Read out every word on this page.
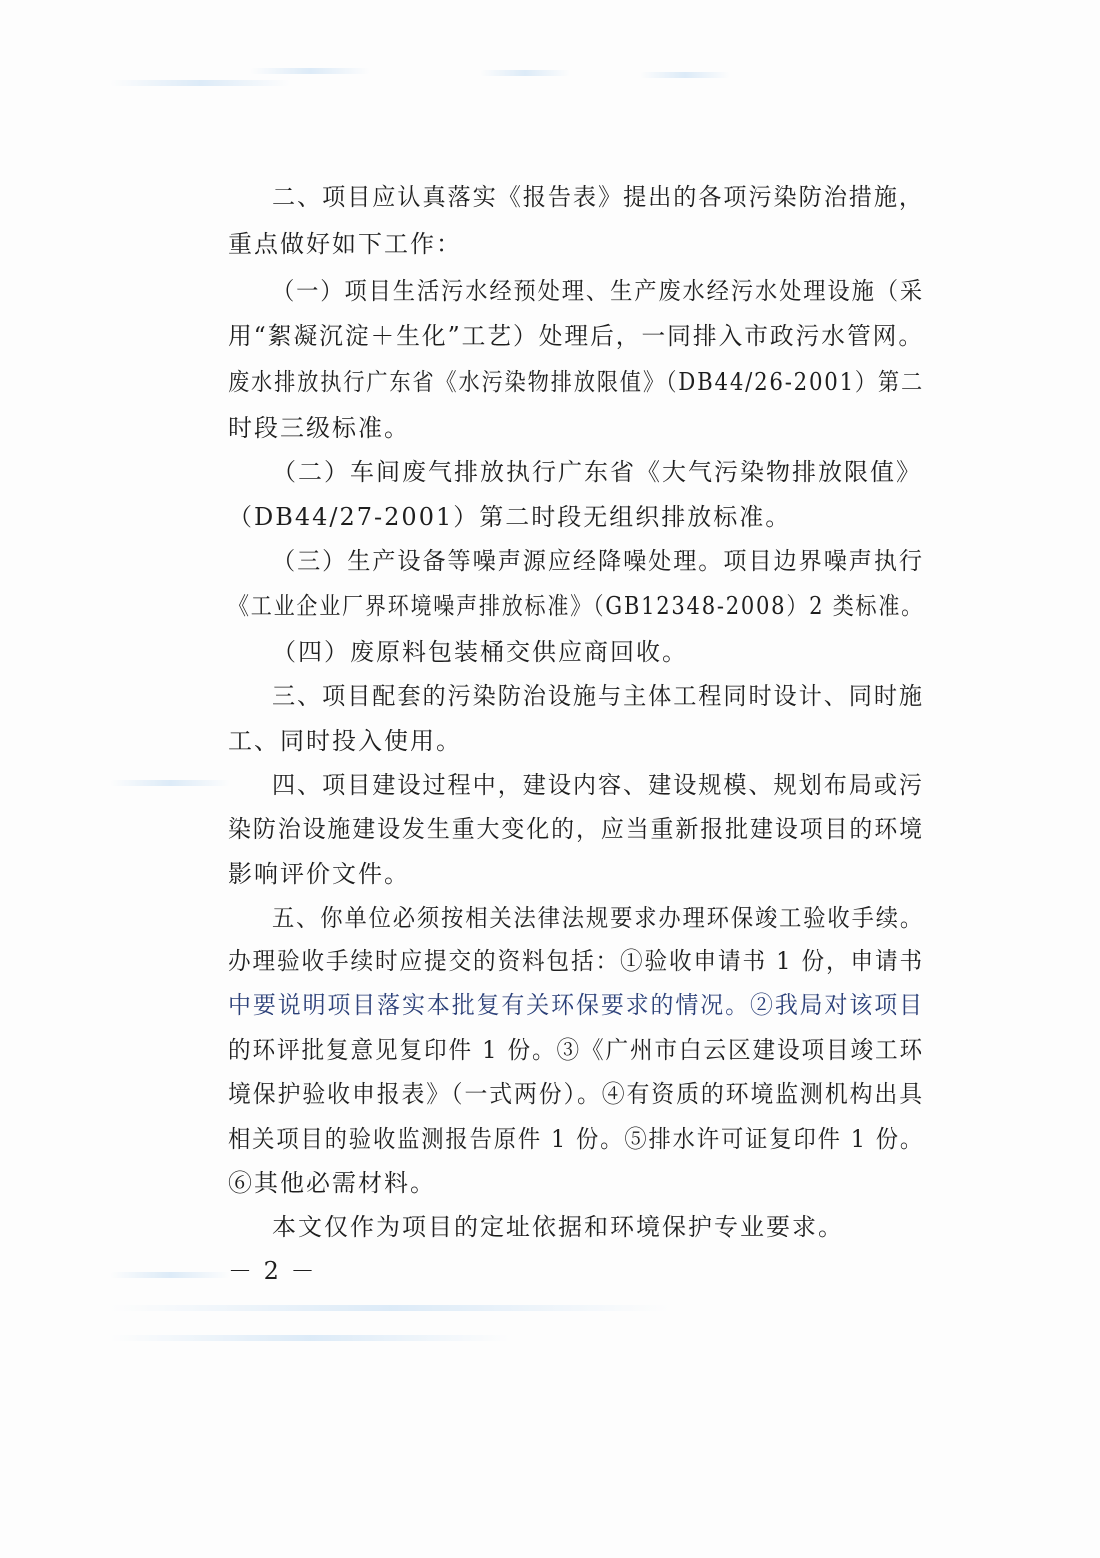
二、项目应认真落实《报告表》提出的各项污染防治措施，
重点做好如下工作：
（一）项目生活污水经预处理、生产废水经污水处理设施（采
用“絮凝沉淀＋生化”工艺）处理后，一同排入市政污水管网。
废水排放执行广东省《水污染物排放限值》（DB44/26-2001）第二
时段三级标准。
（二）车间废气排放执行广东省《大气污染物排放限值》
（DB44/27-2001）第二时段无组织排放标准。
（三）生产设备等噪声源应经降噪处理。项目边界噪声执行
《工业企业厂界环境噪声排放标准》（GB12348-2008）2 类标准。
（四）废原料包装桶交供应商回收。
三、项目配套的污染防治设施与主体工程同时设计、同时施
工、同时投入使用。
四、项目建设过程中，建设内容、建设规模、规划布局或污
染防治设施建设发生重大变化的，应当重新报批建设项目的环境
影响评价文件。
五、你单位必须按相关法律法规要求办理环保竣工验收手续。
办理验收手续时应提交的资料包括：①验收申请书 1 份，申请书
中要说明项目落实本批复有关环保要求的情况。②我局对该项目
的环评批复意见复印件 1 份。③《广州市白云区建设项目竣工环
境保护验收申报表》（一式两份）。④有资质的环境监测机构出具
相关项目的验收监测报告原件 1 份。⑤排水许可证复印件 1 份。
⑥其他必需材料。
本文仅作为项目的定址依据和环境保护专业要求。
－ 2 －
